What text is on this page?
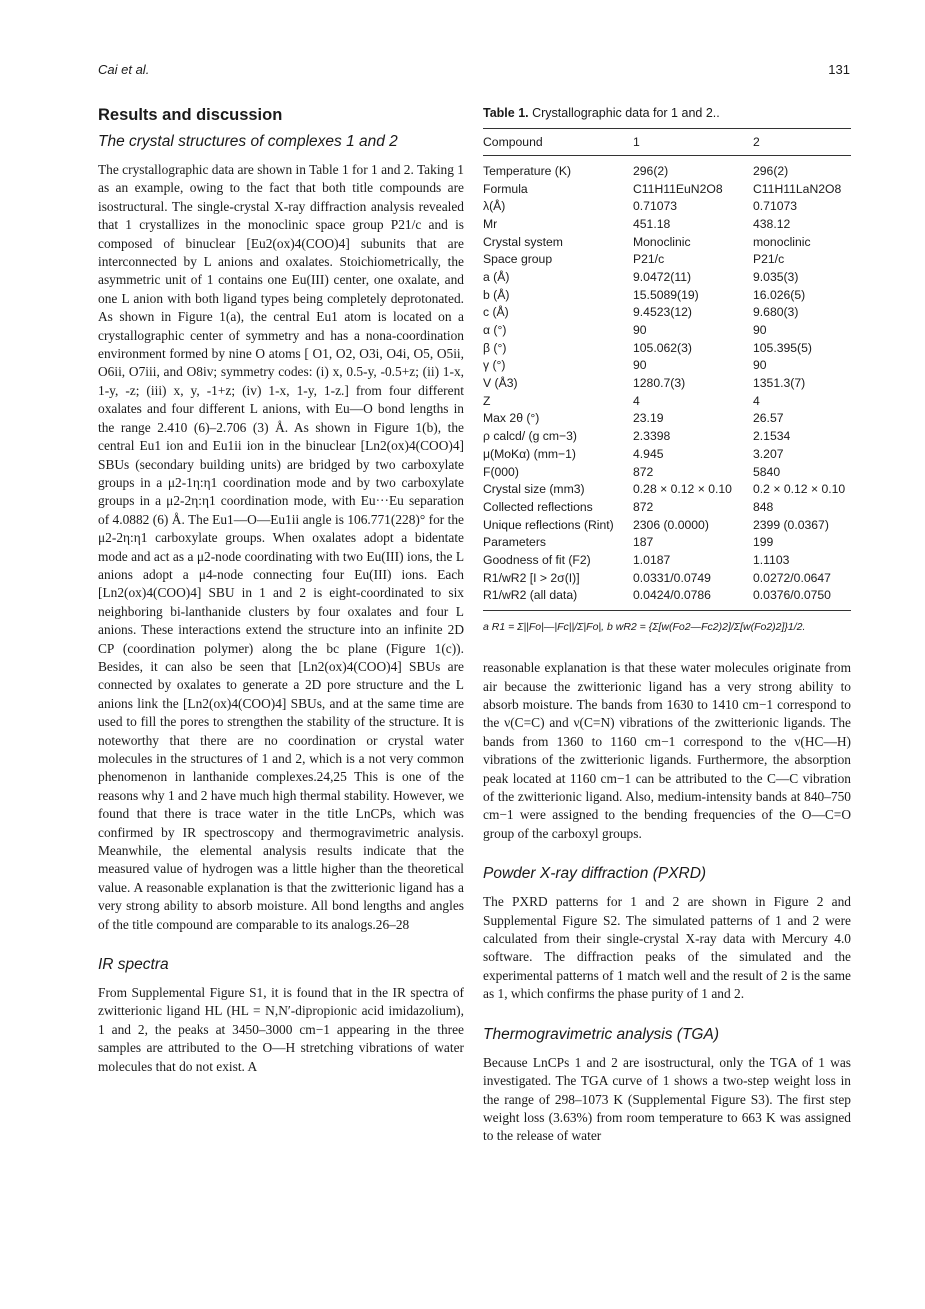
Cai et al.	131
Results and discussion
The crystal structures of complexes 1 and 2

The crystallographic data are shown in Table 1 for 1 and 2. Taking 1 as an example, owing to the fact that both title compounds are isostructural. The single-crystal X-ray diffraction analysis revealed that 1 crystallizes in the monoclinic space group P21/c and is composed of binuclear [Eu2(ox)4(COO)4] subunits that are interconnected by L anions and oxalates. Stoichiometrically, the asymmetric unit of 1 contains one Eu(III) center, one oxalate, and one L anion with both ligand types being completely deprotonated. As shown in Figure 1(a), the central Eu1 atom is located on a crystallographic center of symmetry and has a nona-coordination environment formed by nine O atoms [ O1, O2, O3i, O4i, O5, O5ii, O6ii, O7iii, and O8iv; symmetry codes: (i) x, 0.5-y, -0.5+z; (ii) 1-x, 1-y, -z; (iii) x, y, -1+z; (iv) 1-x, 1-y, 1-z.] from four different oxalates and four different L anions, with Eu—O bond lengths in the range 2.410 (6)–2.706 (3) Å. As shown in Figure 1(b), the central Eu1 ion and Eu1ii ion in the binuclear [Ln2(ox)4(COO)4] SBUs (secondary building units) are bridged by two carboxylate groups in a μ2-1η:η1 coordination mode and by two carboxylate groups in a μ2-2η:η1 coordination mode, with Eu···Eu separation of 4.0882 (6) Å. The Eu1—O—Eu1ii angle is 106.771(228)° for the μ2-2η:η1 carboxylate groups. When oxalates adopt a bidentate mode and act as a μ2-node coordinating with two Eu(III) ions, the L anions adopt a μ4-node connecting four Eu(III) ions. Each [Ln2(ox)4(COO)4] SBU in 1 and 2 is eight-coordinated to six neighboring bi-lanthanide clusters by four oxalates and four L anions. These interactions extend the structure into an infinite 2D CP (coordination polymer) along the bc plane (Figure 1(c)). Besides, it can also be seen that [Ln2(ox)4(COO)4] SBUs are connected by oxalates to generate a 2D pore structure and the L anions link the [Ln2(ox)4(COO)4] SBUs, and at the same time are used to fill the pores to strengthen the stability of the structure. It is noteworthy that there are no coordination or crystal water molecules in the structures of 1 and 2, which is a not very common phenomenon in lanthanide complexes.24,25 This is one of the reasons why 1 and 2 have much high thermal stability. However, we found that there is trace water in the title LnCPs, which was confirmed by IR spectroscopy and thermogravimetric analysis. Meanwhile, the elemental analysis results indicate that the measured value of hydrogen was a little higher than the theoretical value. A reasonable explanation is that the zwitterionic ligand has a very strong ability to absorb moisture. All bond lengths and angles of the title compound are comparable to its analogs.26–28

IR spectra

From Supplemental Figure S1, it is found that in the IR spectra of zwitterionic ligand HL (HL = N,N′-dipropionic acid imidazolium), 1 and 2, the peaks at 3450–3000 cm−1 appearing in the three samples are attributed to the O—H stretching vibrations of water molecules that do not exist. A

Table 1. Crystallographic data for 1 and 2..
Compound	1	2
Temperature (K)	296(2)	296(2)
Formula	C11H11EuN2O8	C11H11LaN2O8
λ(Å)	0.71073	0.71073
Mr	451.18	438.12
Crystal system	Monoclinic	monoclinic
Space group	P21/c	P21/c
a (Å)	9.0472(11)	9.035(3)
b (Å)	15.5089(19)	16.026(5)
c (Å)	9.4523(12)	9.680(3)
α (°)	90	90
β (°)	105.062(3)	105.395(5)
γ (°)	90	90
V (Å3)	1280.7(3)	1351.3(7)
Z	4	4
Max 2θ (°)	23.19	26.57
ρ calcd/ (g cm−3)	2.3398	2.1534
μ(MoKα) (mm−1)	4.945	3.207
F(000)	872	5840
Crystal size (mm3)	0.28 × 0.12 × 0.10	0.2 × 0.12 × 0.10
Collected reflections	872	848
Unique reflections (Rint)	2306 (0.0000)	2399 (0.0367)
Parameters	187	199
Goodness of fit (F2)	1.0187	1.1103
R1/wR2 [I > 2σ(I)]	0.0331/0.0749	0.0272/0.0647
R1/wR2 (all data)	0.0424/0.0786	0.0376/0.0750
a R1 = Σ||Fo|—|Fc||/Σ|Fo|, b wR2 = {Σ[w(Fo2—Fc2)2]/Σ[w(Fo2)2]}1/2.

reasonable explanation is that these water molecules originate from air because the zwitterionic ligand has a very strong ability to absorb moisture. The bands from 1630 to 1410 cm−1 correspond to the ν(C=C) and ν(C=N) vibrations of the zwitterionic ligands. The bands from 1360 to 1160 cm−1 correspond to the ν(HC—H) vibrations of the zwitterionic ligands. Furthermore, the absorption peak located at 1160 cm−1 can be attributed to the C—C vibration of the zwitterionic ligand. Also, medium-intensity bands at 840–750 cm−1 were assigned to the bending frequencies of the O—C=O group of the carboxyl groups.

Powder X-ray diffraction (PXRD)

The PXRD patterns for 1 and 2 are shown in Figure 2 and Supplemental Figure S2. The simulated patterns of 1 and 2 were calculated from their single-crystal X-ray data with Mercury 4.0 software. The diffraction peaks of the simulated and the experimental patterns of 1 match well and the result of 2 is the same as 1, which confirms the phase purity of 1 and 2.

Thermogravimetric analysis (TGA)

Because LnCPs 1 and 2 are isostructural, only the TGA of 1 was investigated. The TGA curve of 1 shows a two-step weight loss in the range of 298–1073 K (Supplemental Figure S3). The first step weight loss (3.63%) from room temperature to 663 K was assigned to the release of water
